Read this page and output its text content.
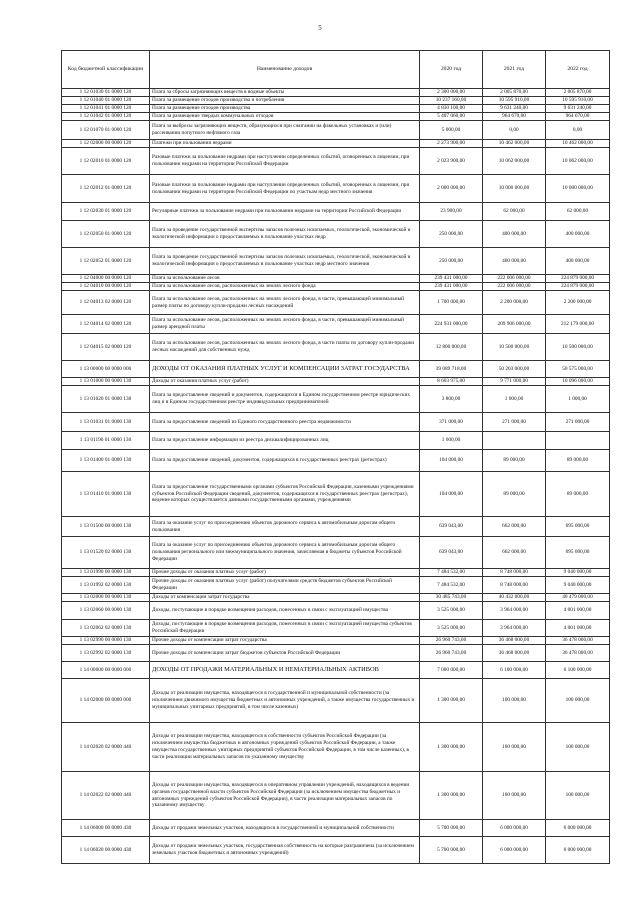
5
Код бюджетной классификации	Наименование доходов	2020 год	2021 год	2022 год
1 12 01030 01 0000 120	Плата за сбросы загрязняющих веществ в водные объекты	2 300 000,00	2 005 870,00	2 005 870,00
1 12 01040 01 0000 120	Плата за размещение отходов производства и потребления	10 237 160,00	10 595 910,00	10 595 910,00
1 12 01041 01 0000 120	Плата за размещение отходов производства	4 830 100,00	9 631 240,00	9 631 240,00
1 12 01042 01 0000 120	Плата за размещение твердых коммунальных отходов	5 407 060,00	964 670,00	964 670,00
1 12 01070 01 0000 120	Плата за выбросы загрязняющих веществ, образующихся при сжигании на факельных установках и (или) рассеивании попутного нефтяного газа	5 000,00	0,00	0,00
1 12 02000 00 0000 120	Платежи при пользовании недрами	2 273 900,00	10 462 000,00	10 462 000,00
1 12 02010 01 0000 120	Разовые платежи за пользование недрами при наступлении определенных событий, оговоренных в лицензии, при пользовании недрами на территории Российской Федерации	2 023 900,00	10 062 000,00	10 062 000,00
1 12 02012 01 0000 120	Разовые платежи за пользование недрами при наступлении определенных событий, оговоренных в лицензии, при пользовании недрами на территории Российской Федерации по участкам недр местного значения	2 000 000,00	10 000 000,00	10 000 000,00
1 12 02030 01 0000 120	Регулярные платежи за пользование недрами при пользовании недрами на территории Российской Федерации	23 900,00	62 000,00	62 000,00
1 12 02050 01 0000 120	Плата за проведение государственной экспертизы запасов полезных ископаемых, геологической, экономической и экологической информации о предоставляемых в пользование участках недр	250 000,00	400 000,00	400 000,00
1 12 02052 01 0000 120	Плата за проведение государственной экспертизы запасов полезных ископаемых, геологической, экономической и экологической информации о предоставляемых в пользование участках недр местного значения	250 000,00	400 000,00	400 000,00
1 12 04000 00 0000 120	Плата за использование лесов	239 431 000,00	222 606 000,00	224 879 000,00
1 12 04010 00 0000 120	Плата за использование лесов, расположенных на землях лесного фонда	239 431 000,00	222 606 000,00	224 879 000,00
1 12 04013 02 0000 120	Плата за использование лесов, расположенных на землях лесного фонда, в части, превышающей минимальный размер платы по договору купли-продажи лесных насаждений	1 700 000,00	2 200 000,00	2 200 000,00
1 12 04014 02 0000 120	Плата за использование лесов, расположенных на землях лесного фонда, в части, превышающей минимальный размер арендной платы	224 931 000,00	209 906 000,00	212 179 000,00
1 12 04015 02 0000 120	Плата за использование лесов, расположенных на землях лесного фонда, в части платы по договору купли-продажи лесных насаждений для собственных нужд	12 800 000,00	10 500 000,00	10 500 000,00
1 13 00000 00 0000 000	ДОХОДЫ ОТ ОКАЗАНИЯ ПЛАТНЫХ УСЛУГ И КОМПЕНСАЦИИ ЗАТРАТ ГОСУДАРСТВА	39 089 718,00	50 203 000,00	50 575 000,00
1 13 01000 00 0000 130	Доходы от оказания платных услуг (работ)	8 603 975,00	9 771 000,00	10 096 000,00
1 13 01020 01 0000 130	Плата за предоставление сведений и документов, содержащихся в Едином государственном реестре юридических лиц и в Едином государственном реестре индивидуальных предпринимателей	3 800,00	1 000,00	1 000,00
1 13 01031 01 0000 130	Плата за предоставление сведений из Единого государственного реестра недвижимости	371 000,00	271 000,00	271 000,00
1 13 01190 01 0000 130	Плата за предоставление информации из реестра дисквалифицированных лиц	1 600,00		
1 13 01400 01 0000 130	Плата за предоставление сведений, документов, содержащихся в государственных реестрах (регистрах)	104 000,00	89 000,00	89 000,00
1 13 01410 01 0000 130	Плата за предоставление государственными органами субъектов Российской Федерации, казенными учреждениями субъектов Российской Федерации сведений, документов, содержащихся в государственных реестрах (регистрах), ведение которых осуществляется данными государственными органами, учреждениями	104 000,00	89 000,00	89 000,00
1 13 01500 00 0000 130	Плата за оказание услуг по присоединению объектов дорожного сервиса к автомобильным дорогам общего пользования	639 043,00	662 000,00	695 000,00
1 13 01520 02 0000 130	Плата за оказание услуг по присоединению объектов дорожного сервиса к автомобильным дорогам общего пользования регионального или межмуниципального значения, зачисляемая в бюджеты субъектов Российской Федерации	639 043,00	662 000,00	695 000,00
1 13 01990 00 0000 130	Прочие доходы от оказания платных услуг (работ)	7 484 532,00	8 748 000,00	9 040 000,00
1 13 01992 02 0000 130	Прочие доходы от оказания платных услуг (работ) получателями средств бюджетов субъектов Российской Федерации	7 484 532,00	8 748 000,00	9 040 000,00
1 13 02000 00 0000 130	Доходы от компенсации затрат государства	30 485 743,00	40 432 000,00	40 479 000,00
1 13 02060 00 0000 130	Доходы, поступающие в порядке возмещения расходов, понесенных в связи с эксплуатацией имущества	3 525 000,00	3 964 000,00	4 001 000,00
1 13 02062 02 0000 130	Доходы, поступающие в порядке возмещения расходов, понесенных в связи с эксплуатацией имущества субъектов Российской Федерации	3 525 000,00	3 964 000,00	4 001 000,00
1 13 02990 00 0000 130	Прочие доходы от компенсации затрат государства	26 960 743,00	36 468 000,00	36 478 000,00
1 13 02992 02 0000 130	Прочие доходы от компенсации затрат бюджетов субъектов Российской Федерации	26 960 743,00	36 468 000,00	36 478 000,00
1 14 00000 00 0000 000	ДОХОДЫ ОТ ПРОДАЖИ МАТЕРИАЛЬНЫХ И НЕМАТЕРИАЛЬНЫХ АКТИВОВ	7 000 000,00	6 100 000,00	6 100 000,00
1 14 02000 00 0000 000	Доходы от реализации имущества, находящегося в государственной и муниципальной собственности (за исключением движимого имущества бюджетных и автономных учреждений, а также имущества государственных и муниципальных унитарных предприятий, в том числе казенных)	1 300 000,00	100 000,00	100 000,00
1 14 02020 02 0000 440	Доходы от реализации имущества, находящегося в собственности субъектов Российской Федерации (за исключением имущества бюджетных и автономных учреждений субъектов Российской Федерации, а также имущества государственных унитарных предприятий субъектов Российской Федерации, в том числе казенных), в части реализации материальных запасов по указанному имуществу	1 300 000,00	100 000,00	100 000,00
1 14 02022 02 0000 440	Доходы от реализации имущества, находящегося в оперативном управлении учреждений, находящихся в ведении органов государственной власти субъектов Российской Федерации (за исключением имущества бюджетных и автономных учреждений субъектов Российской Федерации), в части реализации материальных запасов по указанному имуществу	1 300 000,00	100 000,00	100 000,00
1 14 06000 00 0000 430	Доходы от продажи земельных участков, находящихся в государственной и муниципальной собственности	5 700 000,00	6 000 000,00	6 000 000,00
1 14 06020 00 0000 430	Доходы от продажи земельных участков, государственная собственность на которые разграничена (за исключением земельных участков бюджетных и автономных учреждений)	5 700 000,00	6 000 000,00	6 000 000,00
